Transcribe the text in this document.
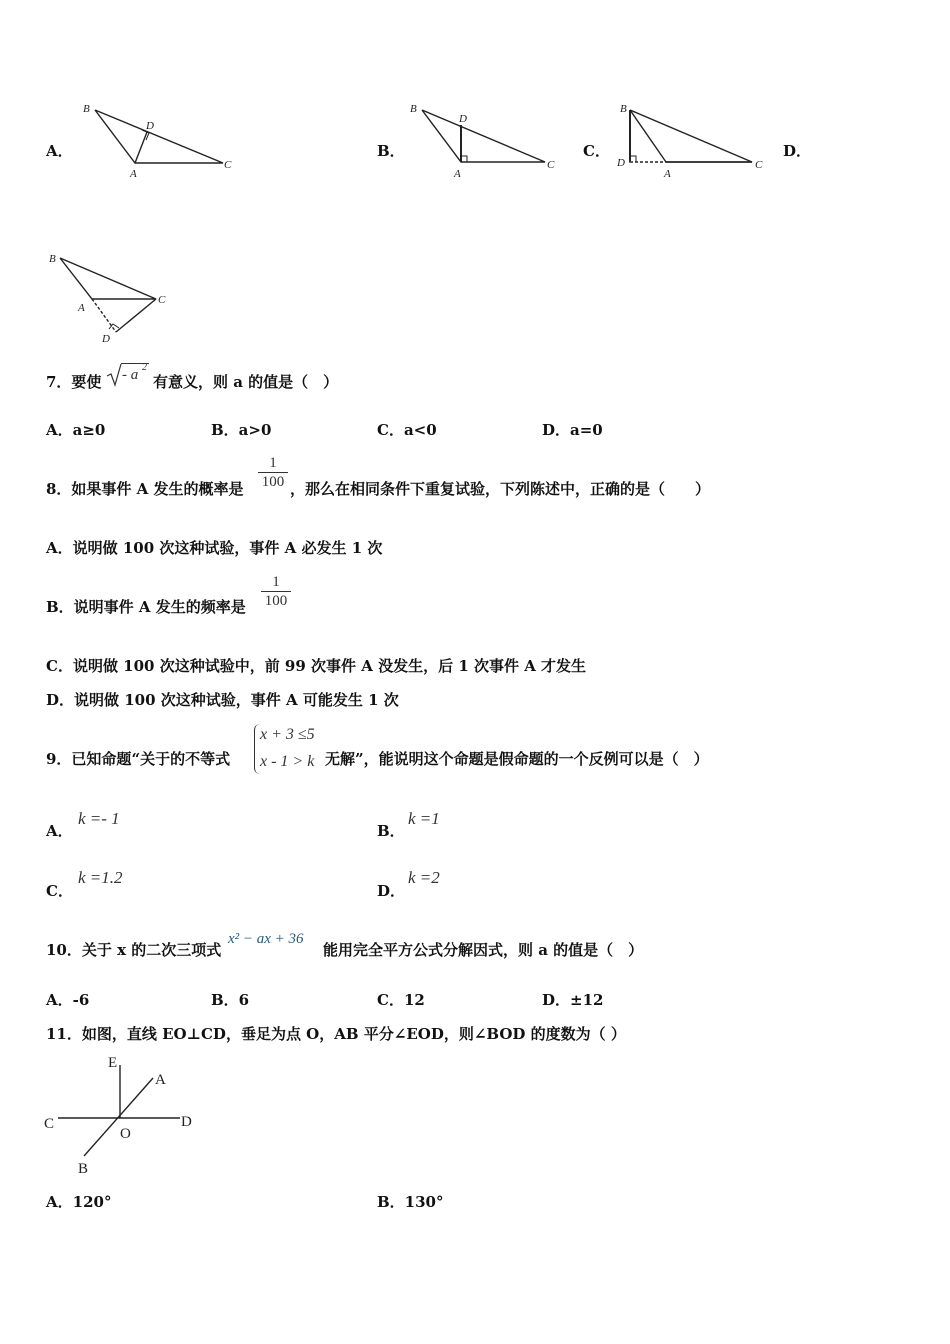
A．
B
D
A
C
B．
B
D
A
C
C．
B
D
A
C
D．
B
A
C
D
7．要使 - a 2
有意义，则 a 的值是（　）
A．a≥0	B．a>0	C．a<0	D．a=0
8．如果事件 A 发生的概率是 $\frac{1}{100}$ ，那么在相同条件下重复试验，下列陈述中，正确的是（　　）
A．说明做 100 次这种试验，事件 A 必发生 1 次
B．说明事件 A 发生的频率是 $\frac{1}{100}$
C．说明做 100 次这种试验中，前 99 次事件 A 没发生，后 1 次事件 A 才发生
D．说明做 100 次这种试验，事件 A 可能发生 1 次
9．已知命题“关于的不等式
x + 3 ≤5
x - 1 > k 无解”，能说明这个命题是假命题的一个反例可以是（　）
A．
k =- 1
B．
k =1
C．
k =1.2
D．
k =2
10．关于 x 的二次三项式
x² − ax + 36
能用完全平方公式分解因式，则 a 的值是（　）
A．-6	B．6	C．12	D．±12
11．如图，直线 EO⊥CD，垂足为点 O，AB 平分∠EOD，则∠BOD 的度数为（ ）
E
A
C	D
O
B
A．120°	B．130°
